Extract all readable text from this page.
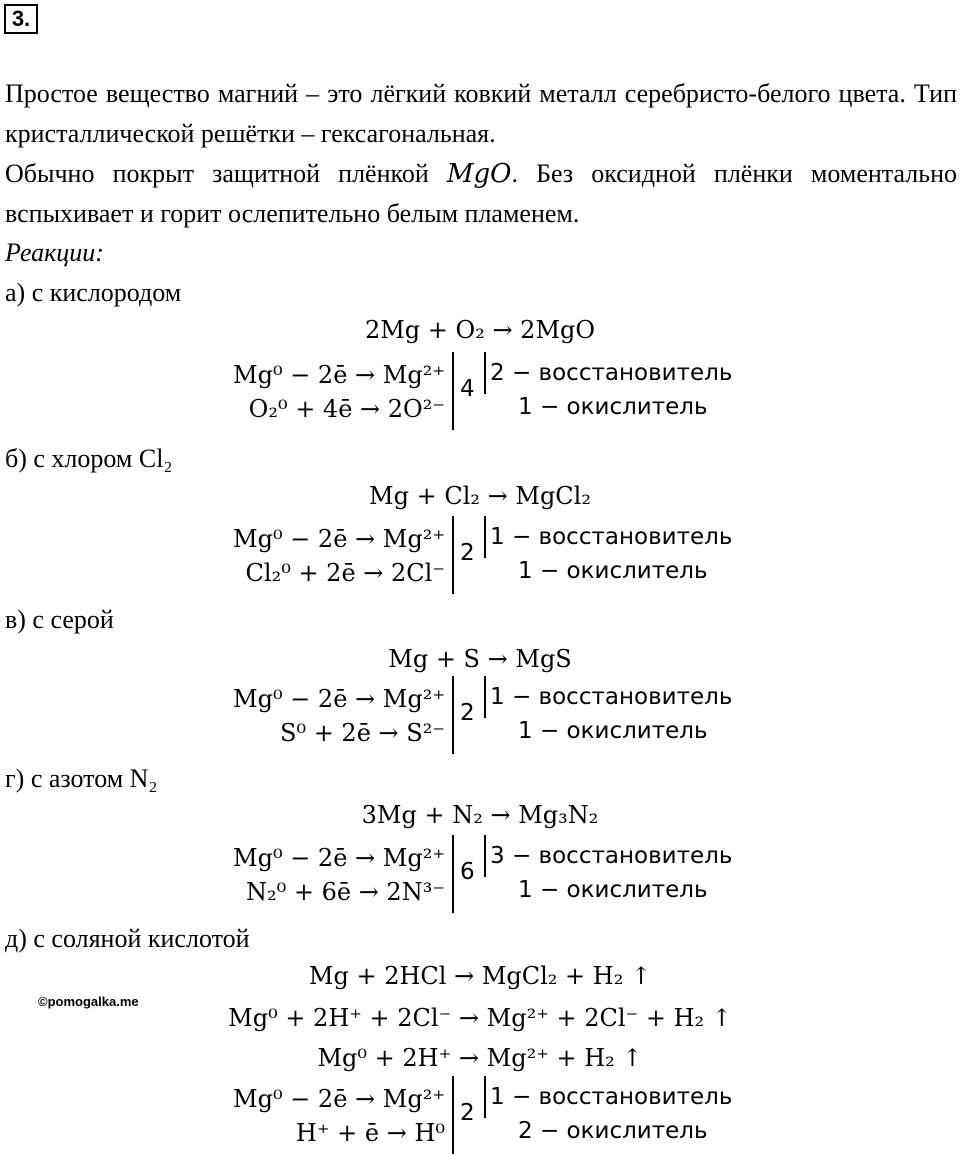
3.

Простое вещество магний – это лёгкий ковкий металл серебристо-белого цвета. Тип кристаллической решётки – гексагональная.

Обычно покрыт защитной плёнкой MgO. Без оксидной плёнки моментально вспыхивает и горит ослепительно белым пламенем.

Реакции:
а) с кислородом
2Mg + O₂ → 2MgO
Mg⁰ − 2ē → Mg²⁺
O₂⁰ + 4ē → 2O²⁻
4
2 − восстановитель
1 − окислитель
б) с хлором Cl₂
Mg + Cl₂ → MgCl₂
Mg⁰ − 2ē → Mg²⁺
Cl₂⁰ + 2ē → 2Cl⁻
2
1 − восстановитель
1 − окислитель
в) с серой
Mg + S → MgS
Mg⁰ − 2ē → Mg²⁺
S⁰ + 2ē → S²⁻
2
1 − восстановитель
1 − окислитель
г) с азотом N₂
3Mg + N₂ → Mg₃N₂
Mg⁰ − 2ē → Mg²⁺
N₂⁰ + 6ē → 2N³⁻
6
3 − восстановитель
1 − окислитель
д) с соляной кислотой
Mg + 2HCl → MgCl₂ + H₂ ↑
Mg⁰ + 2H⁺ + 2Cl⁻ → Mg²⁺ + 2Cl⁻ + H₂ ↑
Mg⁰ + 2H⁺ → Mg²⁺ + H₂ ↑
Mg⁰ − 2ē → Mg²⁺
H⁺ + ē → H⁰
2
1 − восстановитель
2 − окислитель
©pomogalka.me
